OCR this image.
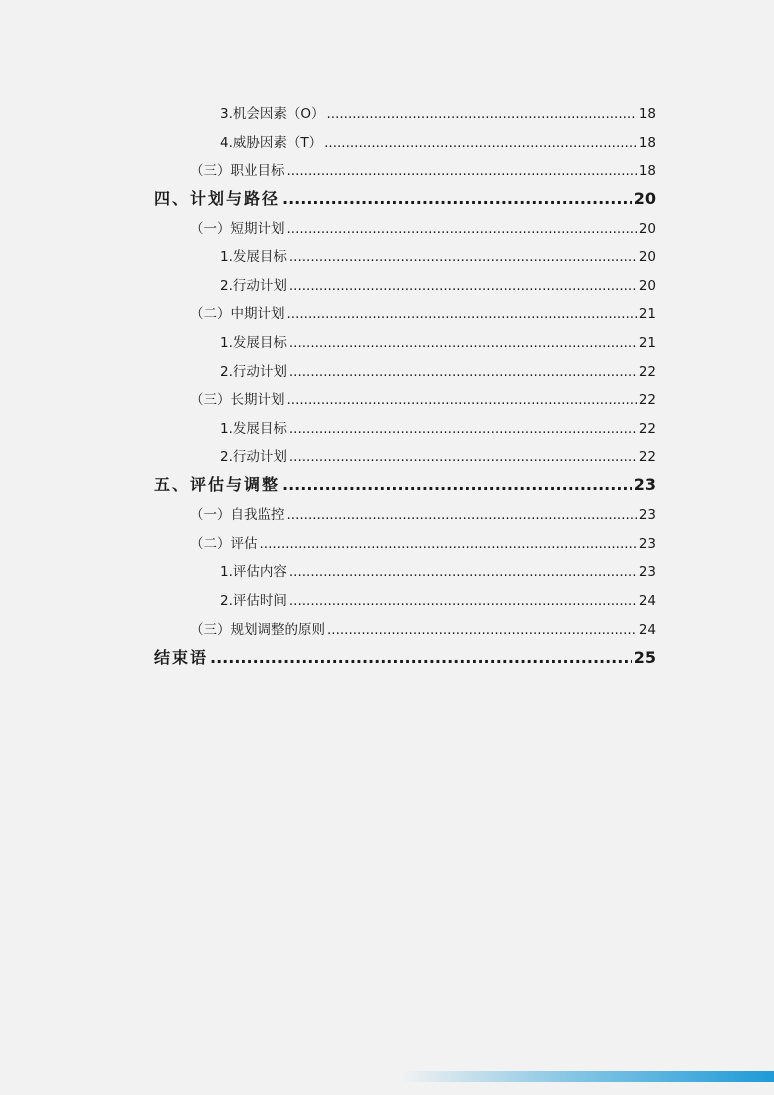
3.机会因素（O） .....	18
4.威胁因素（T） .....	18
（三）职业目标 .....	18
四、计划与路径 .....	20
（一）短期计划 .....	20
1.发展目标 .....	20
2.行动计划 .....	20
（二）中期计划 .....	21
1.发展目标 .....	21
2.行动计划 .....	22
（三）长期计划 .....	22
1.发展目标 .....	22
2.行动计划 .....	22
五、评估与调整 .....	23
（一）自我监控 .....	23
（二）评估 .....	23
1.评估内容 .....	23
2.评估时间 .....	24
（三）规划调整的原则 .....	24
结束语 .....	25
